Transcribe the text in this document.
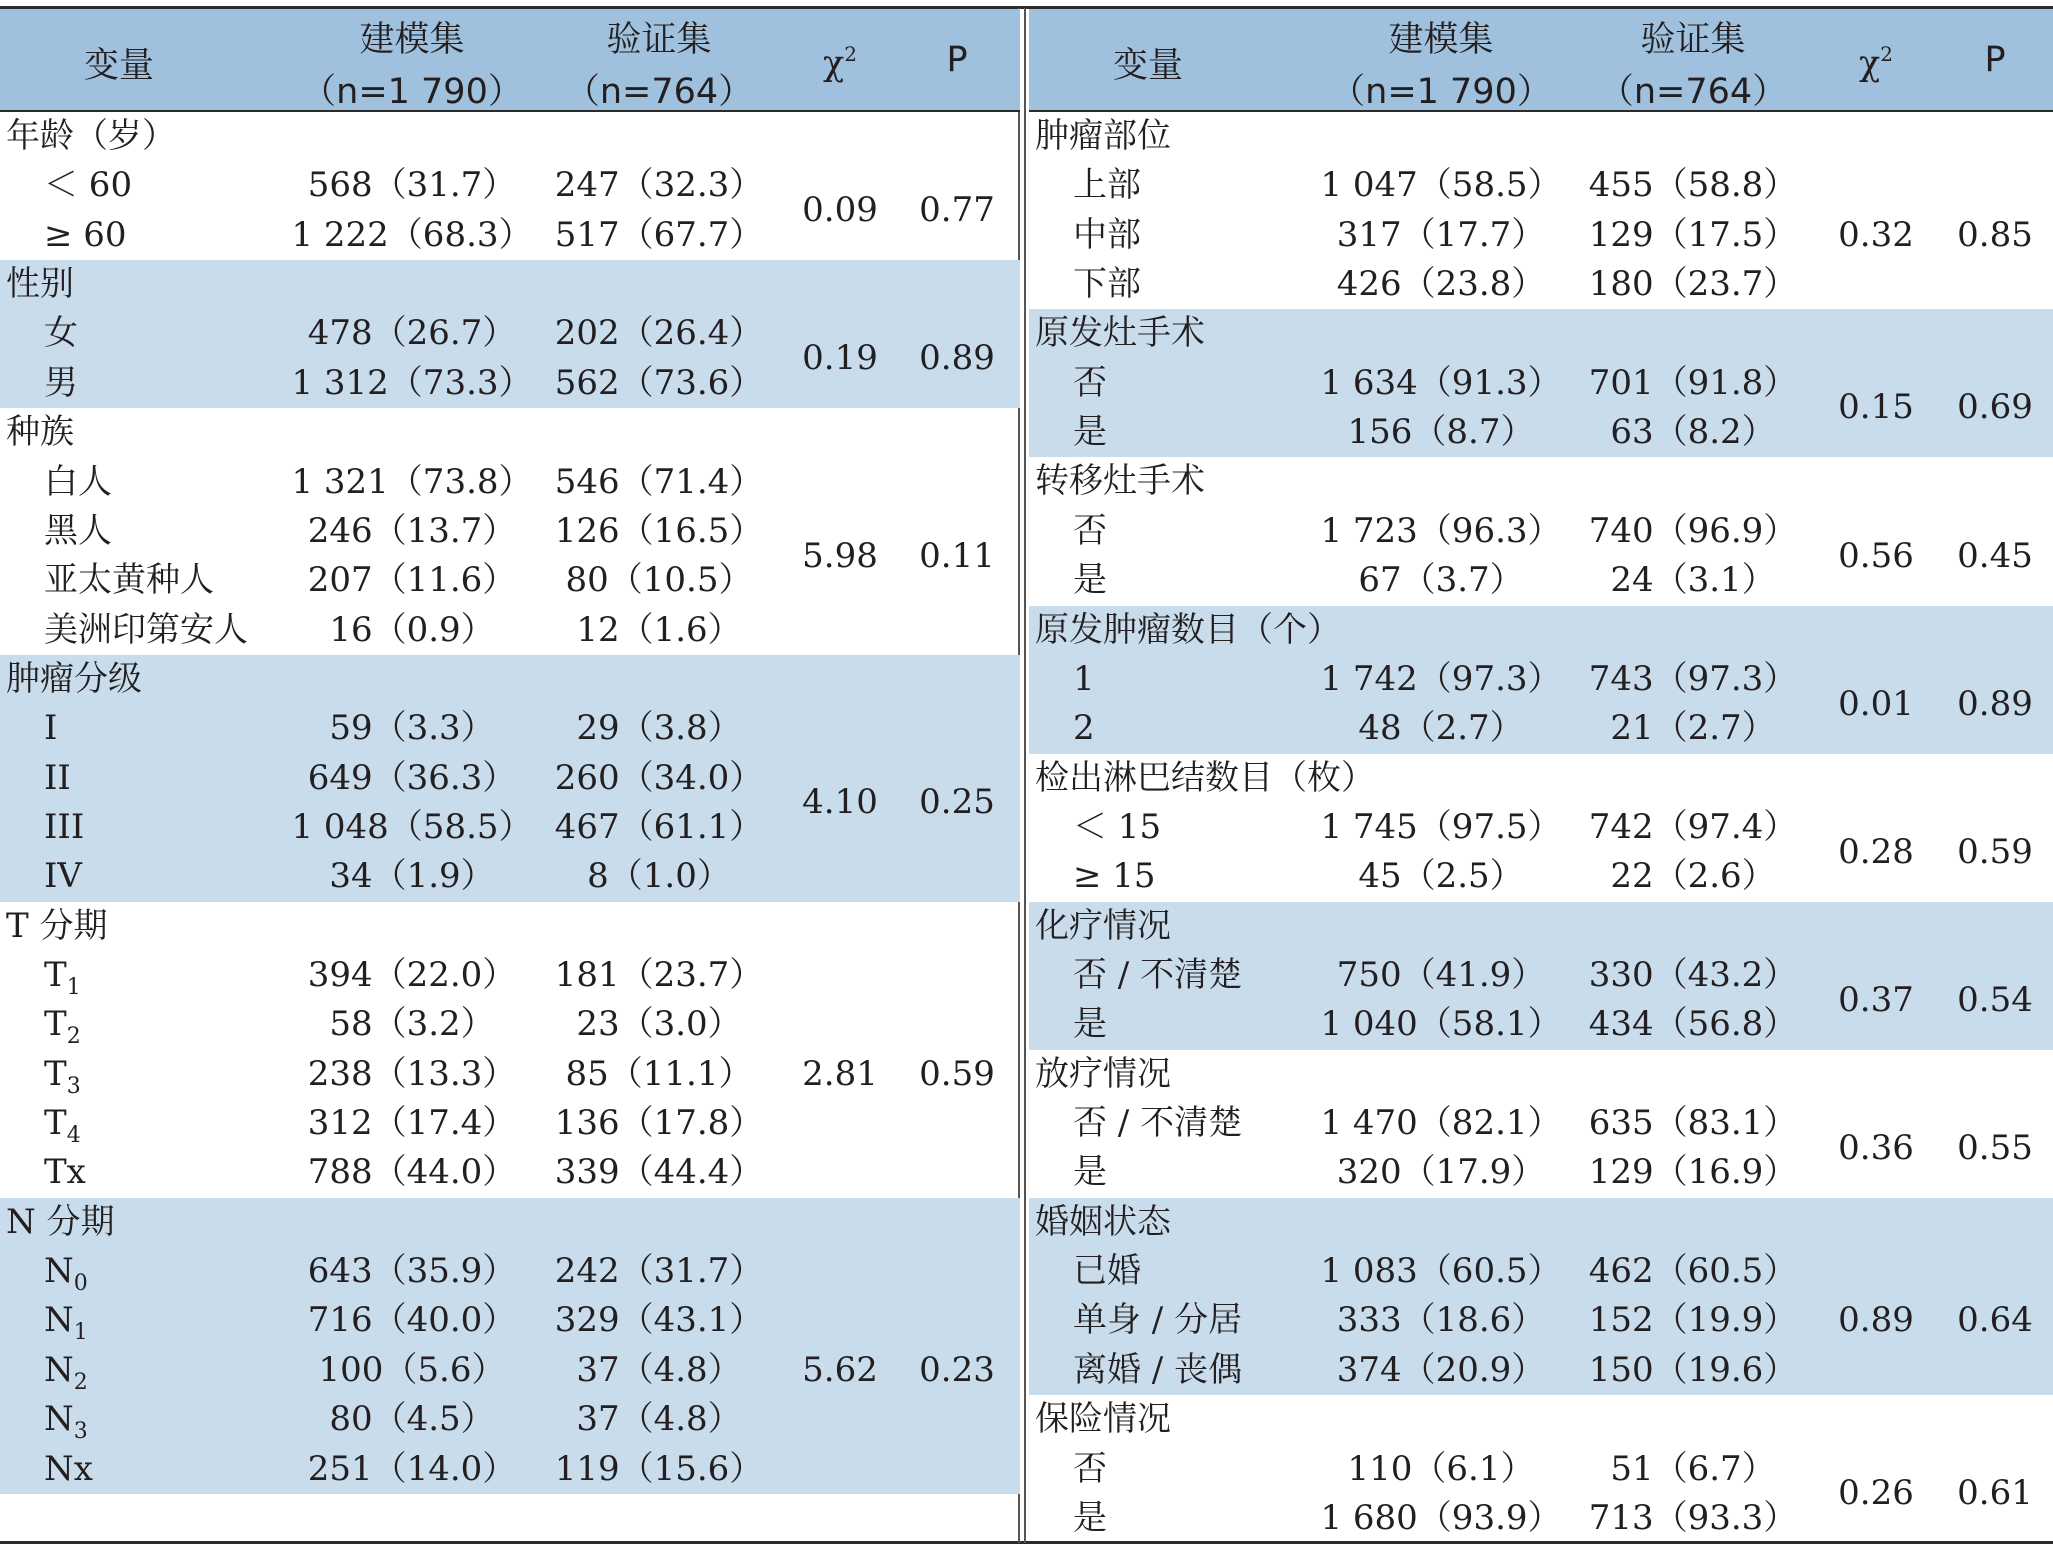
变量
建模集
（n=1 790）
验证集
（n=764）
$\chi^2$	P
年龄（岁）
＜ 60	568（31.7） 247（32.3）
≥ 60	1 222（68.3） 517（67.7）
0.09 0.77
性别
女	478（26.7） 202（26.4）
男	1 312（73.3） 562（73.6）
0.19 0.89
种族
白人	1 321（73.8） 546（71.4）
黑人	246（13.7） 126（16.5）
亚太黄种人	207（11.6） 80（10.5）
美洲印第安人 16（0.9） 12（1.6）
5.98 0.11
肿瘤分级
I	59（3.3） 29（3.8）
II	649（36.3） 260（34.0）
III	1 048（58.5） 467（61.1）
IV	34（1.9）	8（1.0）
4.10 0.25
T 分期
$T_1$	394（22.0） 181（23.7）
$T_2$	58（3.2） 23（3.0）
$T_3$	238（13.3） 85（11.1）
$T_4$	312（17.4） 136（17.8）
Tx	788（44.0） 339（44.4）
2.81 0.59
N 分期
$N_0$	643（35.9） 242（31.7）
$N_1$	716（40.0） 329（43.1）
$N_2$	100（5.6） 37（4.8）
$N_3$	80（4.5） 37（4.8）
Nx	251（14.0） 119（15.6）
5.62 0.23
变量
建模集
（n=1 790）
验证集
（n=764）
$\chi^2$	P
肿瘤部位
上部	1 047（58.5） 455（58.8）
中部	317（17.7） 129（17.5）
下部	426（23.8） 180（23.7）
0.32 0.85
原发灶手术
否	1 634（91.3） 701（91.8）
是	156（8.7） 63（8.2）
0.15 0.69
转移灶手术
否	1 723（96.3） 740（96.9）
是	67（3.7）	24（3.1）
0.56 0.45
原发肿瘤数目（个）
1	1 742（97.3） 743（97.3）
2	48（2.7）	21（2.7）
0.01 0.89
检出淋巴结数目（枚）
＜ 15	1 745（97.5） 742（97.4）
≥ 15	45（2.5）	22（2.6）
0.28 0.59
化疗情况
否 / 不清楚	750（41.9） 330（43.2）
是	1 040（58.1） 434（56.8）
0.37 0.54
放疗情况
否 / 不清楚 1 470（82.1） 635（83.1）
是	320（17.9） 129（16.9）
0.36 0.55
婚姻状态
已婚	1 083（60.5） 462（60.5）
单身 / 分居	333（18.6） 152（19.9）
离婚 / 丧偶	374（20.9） 150（19.6）
0.89 0.64
保险情况
否	110（6.1） 51（6.7）
是	1 680（93.9） 713（93.3）
0.26 0.61
